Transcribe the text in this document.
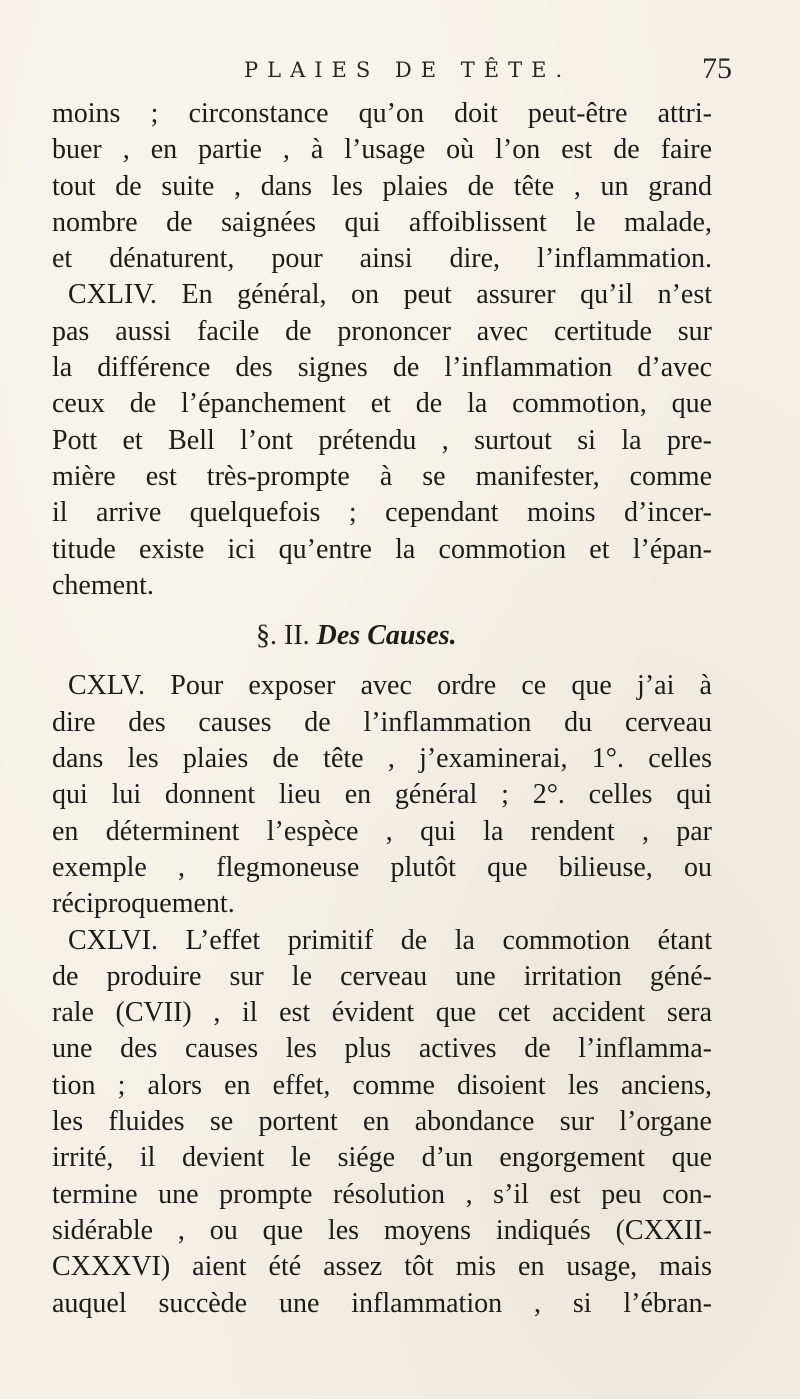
PLAIES DE TÊTE.	75
moins ; circonstance qu’on doit peut-être attri-
buer , en partie , à l’usage où l’on est de faire
tout de suite , dans les plaies de tête , un grand
nombre de saignées qui affoiblissent le malade,
et dénaturent, pour ainsi dire, l’inflammation.
CXLIV. En général, on peut assurer qu’il n’est
pas aussi facile de prononcer avec certitude sur
la différence des signes de l’inflammation d’avec
ceux de l’épanchement et de la commotion, que
Pott et Bell l’ont prétendu , surtout si la pre-
mière est très-prompte à se manifester, comme
il arrive quelquefois ; cependant moins d’incer-
titude existe ici qu’entre la commotion et l’épan-
chement.
§. II. Des Causes.
CXLV. Pour exposer avec ordre ce que j’ai à
dire des causes de l’inflammation du cerveau
dans les plaies de tête , j’examinerai, 1°. celles
qui lui donnent lieu en général ; 2°. celles qui
en déterminent l’espèce , qui la rendent , par
exemple , flegmoneuse plutôt que bilieuse, ou
réciproquement.
CXLVI. L’effet primitif de la commotion étant
de produire sur le cerveau une irritation géné-
rale (CVII) , il est évident que cet accident sera
une des causes les plus actives de l’inflamma-
tion ; alors en effet, comme disoient les anciens,
les fluides se portent en abondance sur l’organe
irrité, il devient le siége d’un engorgement que
termine une prompte résolution , s’il est peu con-
sidérable , ou que les moyens indiqués (CXXII-
CXXXVI) aient été assez tôt mis en usage, mais
auquel succède une inflammation , si l’ébran-
